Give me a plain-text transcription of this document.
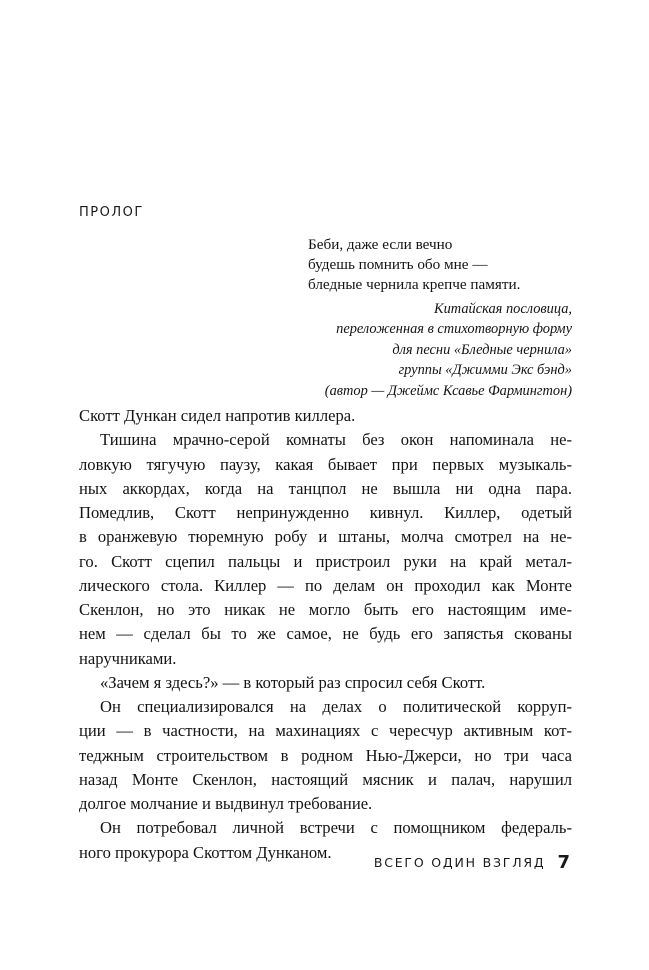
пролог
Беби, даже если вечно
будешь помнить обо мне —
бледные чернила крепче памяти.
Китайская пословица,
переложенная в стихотворную форму
для песни «Бледные чернила»
группы «Джимми Экс бэнд»
(автор — Джеймс Ксавье Фармингтон)
Скотт Дункан сидел напротив киллера.
Тишина мрачно-серой комнаты без окон напоминала не-
ловкую тягучую паузу, какая бывает при первых музыкаль-
ных аккордах, когда на танцпол не вышла ни одна пара.
Помедлив, Скотт непринужденно кивнул. Киллер, одетый
в оранжевую тюремную робу и штаны, молча смотрел на не-
го. Скотт сцепил пальцы и пристроил руки на край метал-
лического стола. Киллер — по делам он проходил как Монте
Скенлон, но это никак не могло быть его настоящим име-
нем — сделал бы то же самое, не будь его запястья скованы
наручниками.
«Зачем я здесь?» — в который раз спросил себя Скотт.
Он специализировался на делах о политической корруп-
ции — в частности, на махинациях с чересчур активным кот-
теджным строительством в родном Нью-Джерси, но три часа
назад Монте Скенлон, настоящий мясник и палач, нарушил
долгое молчание и выдвинул требование.
Он потребовал личной встречи с помощником федераль-
ного прокурора Скоттом Дунканом.
ВСЕГО ОДИН ВЗГЛЯД 7
